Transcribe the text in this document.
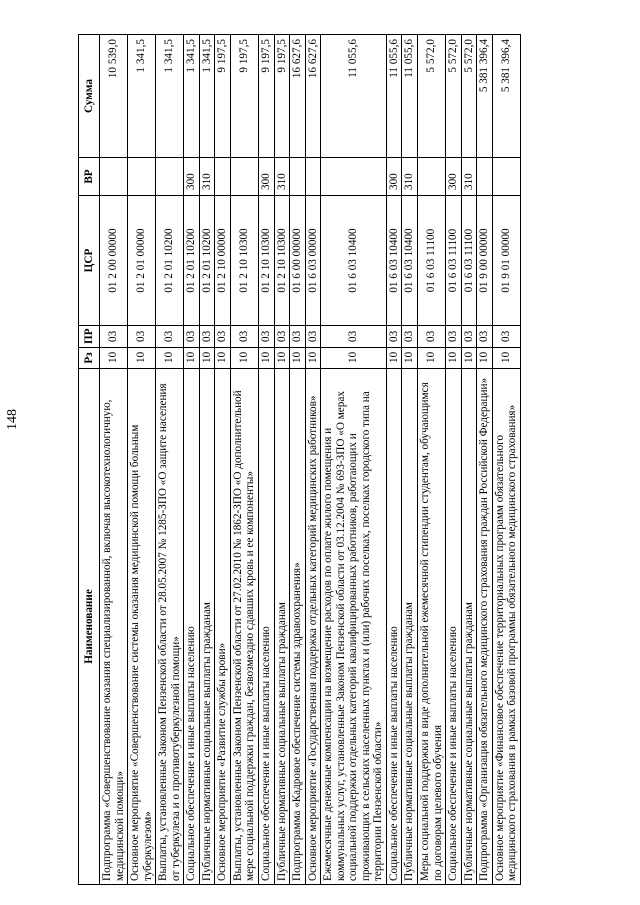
148
Наименование	Рз	ПР	ЦСР	ВР	Сумма
Подпрограмма «Совершенствование оказания специализированной, включая высокотехнологичную, медицинской помощи»	10	03	01 2 00 00000		10 539,0
Основное мероприятие «Совершенствование системы оказания медицинской помощи больным туберкулезом»	10	03	01 2 01 00000		1 341,5
Выплаты, установленные Законом Пензенской области от 28.05.2007 № 1285-ЗПО «О защите населения от туберкулеза и о противотуберкулезной помощи»	10	03	01 2 01 10200		1 341,5
Социальное обеспечение и иные выплаты населению	10	03	01 2 01 10200	300	1 341,5
Публичные нормативные социальные выплаты гражданам	10	03	01 2 01 10200	310	1 341,5
Основное мероприятие «Развитие службы крови»	10	03	01 2 10 00000		9 197,5
Выплаты, установленные Законом Пензенской области от 27.02.2010 № 1862-ЗПО «О дополнительной мере социальной поддержки граждан, безвозмездно сдавших кровь и ее компоненты»	10	03	01 2 10 10300		9 197,5
Социальное обеспечение и иные выплаты населению	10	03	01 2 10 10300	300	9 197,5
Публичные нормативные социальные выплаты гражданам	10	03	01 2 10 10300	310	9 197,5
Подпрограмма «Кадровое обеспечение системы здравоохранения»	10	03	01 6 00 00000		16 627,6
Основное мероприятие «Государственная поддержка отдельных категорий медицинских работников»	10	03	01 6 03 00000		16 627,6
Ежемесячные денежные компенсации на возмещение расходов по оплате жилого помещения и коммунальных услуг, установленные Законом Пензенской области от 03.12.2004 № 693-ЗПО «О мерах социальной поддержки отдельных категорий квалифицированных работников, работающих и проживающих в сельских населенных пунктах и (или) рабочих поселках, поселках городского типа на территории Пензенской области»	10	03	01 6 03 10400		11 055,6
Социальное обеспечение и иные выплаты населению	10	03	01 6 03 10400	300	11 055,6
Публичные нормативные социальные выплаты гражданам	10	03	01 6 03 10400	310	11 055,6
Меры социальной поддержки в виде дополнительной ежемесячной стипендии студентам, обучающимся по договорам целевого обучения	10	03	01 6 03 11100		5 572,0
Социальное обеспечение и иные выплаты населению	10	03	01 6 03 11100	300	5 572,0
Публичные нормативные социальные выплаты гражданам	10	03	01 6 03 11100	310	5 572,0
Подпрограмма «Организация обязательного медицинского страхования граждан Российской Федерации»	10	03	01 9 00 00000		5 381 396,4
Основное мероприятие «Финансовое обеспечение территориальных программ обязательного медицинского страхования в рамках базовой программы обязательного медицинского страхования»	10	03	01 9 01 00000		5 381 396,4
